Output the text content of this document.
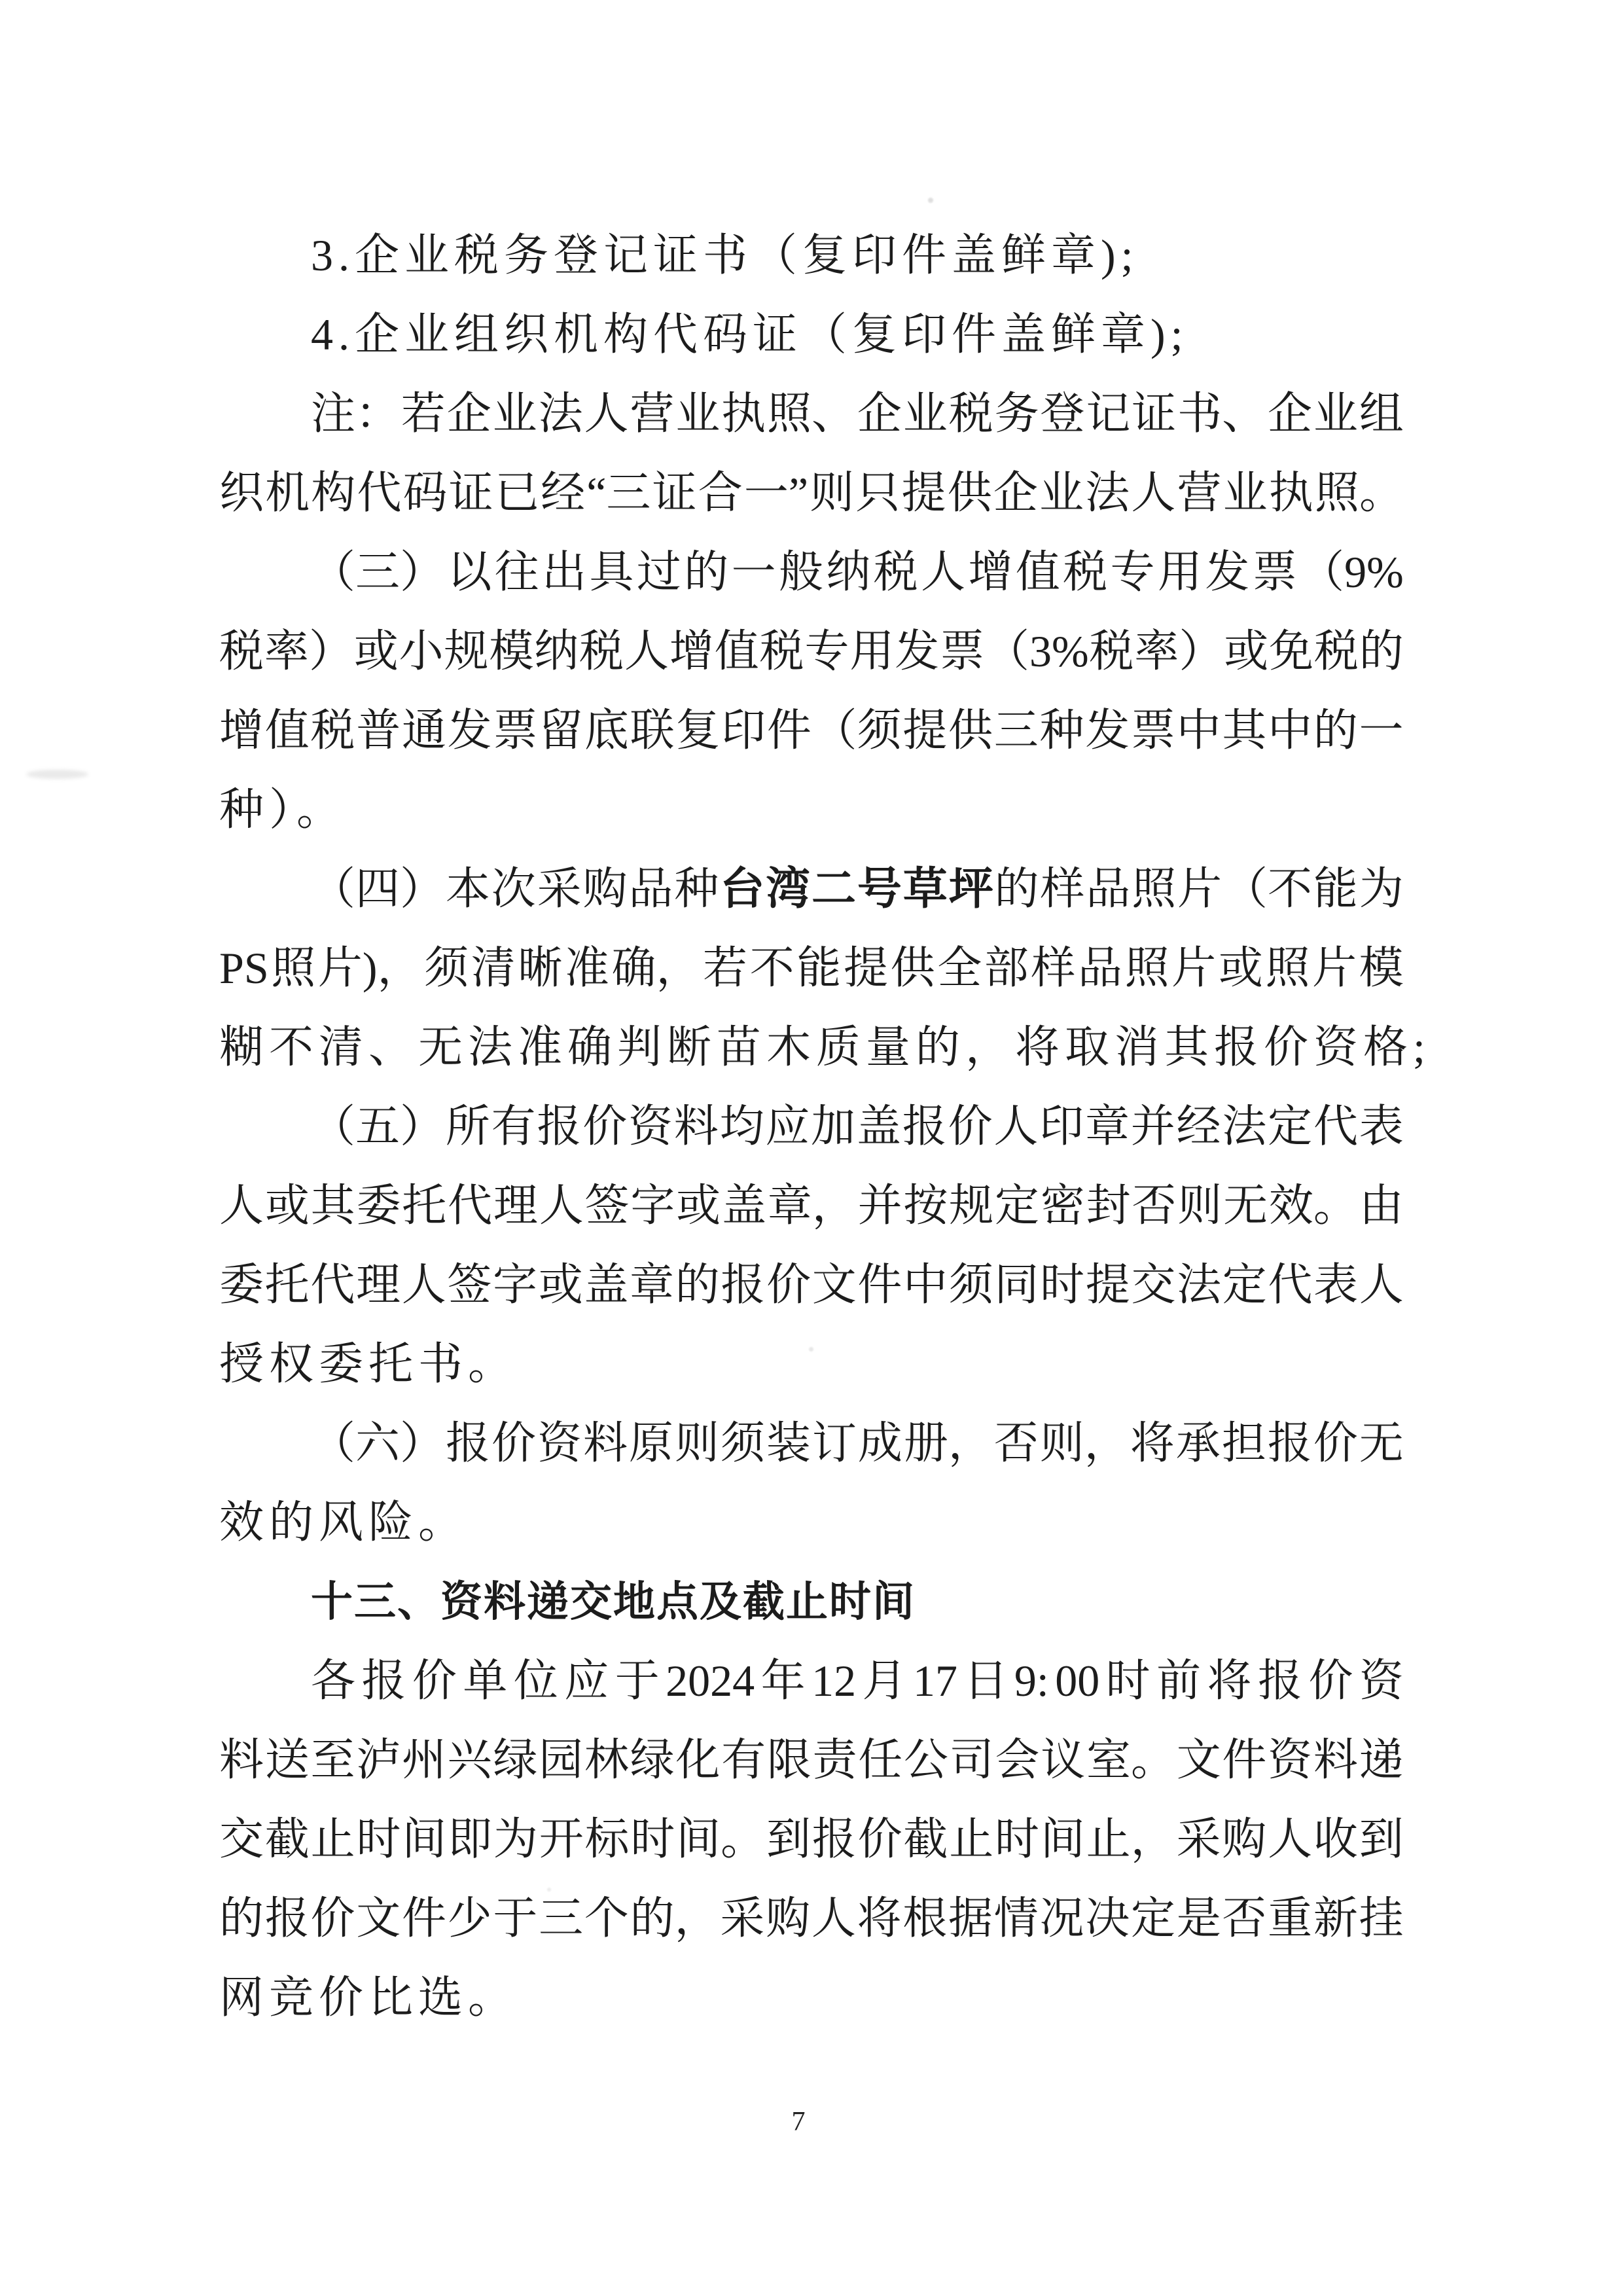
3.企业税务登记证书（复印件盖鲜章);
4.企业组织机构代码证（复印件盖鲜章);
注： 若 企 业 法 人 营 业 执 照、 企 业 税 务 登 记 证 书、 企 业 组
织 机 构 代 码 证 已 经 “三 证 合 一” 则 只 提 供 企 业 法 人 营 业 执 照。
（三） 以 往 出 具 过 的 一 般 纳 税 人 增 值 税 专 用 发 票 （9%
税 率） 或 小 规 模 纳 税 人 增 值 税 专 用 发 票 （3% 税 率） 或 免 税 的
增 值 税 普 通 发 票 留 底 联 复 印 件 （须 提 供 三 种 发 票 中 其 中 的 一
种）。
（四） 本 次 采 购 品 种 台 湾 二 号 草 坪 的 样 品 照 片 （不 能 为
PS 照 片)， 须 清 晰 准 确， 若 不 能 提 供 全 部 样 品 照 片 或 照 片 模
糊不清、无法准确判断苗木质量的，将取消其报价资格;
（五） 所 有 报 价 资 料 均 应 加 盖 报 价 人 印 章 并 经 法 定 代 表
人 或 其 委 托 代 理 人 签 字 或 盖 章， 并 按 规 定 密 封 否 则 无 效。 由
委 托 代 理 人 签 字 或 盖 章 的 报 价 文 件 中 须 同 时 提 交 法 定 代 表 人
授权委托书。
（六） 报 价 资 料 原 则 须 装 订 成 册， 否 则， 将 承 担 报 价 无
效的风险。
十三、资料递交地点及截止时间
各 报 价 单 位 应 于 2024 年 12 月 17 日 9: 00 时 前 将 报 价 资
料 送 至 泸 州 兴 绿 园 林 绿 化 有 限 责 任 公 司 会 议 室。 文 件 资 料 递
交 截 止 时 间 即 为 开 标 时 间。 到 报 价 截 止 时 间 止， 采 购 人 收 到
的 报 价 文 件 少 于 三 个 的， 采 购 人 将 根 据 情 况 决 定 是 否 重 新 挂
网竞价比选。
7
